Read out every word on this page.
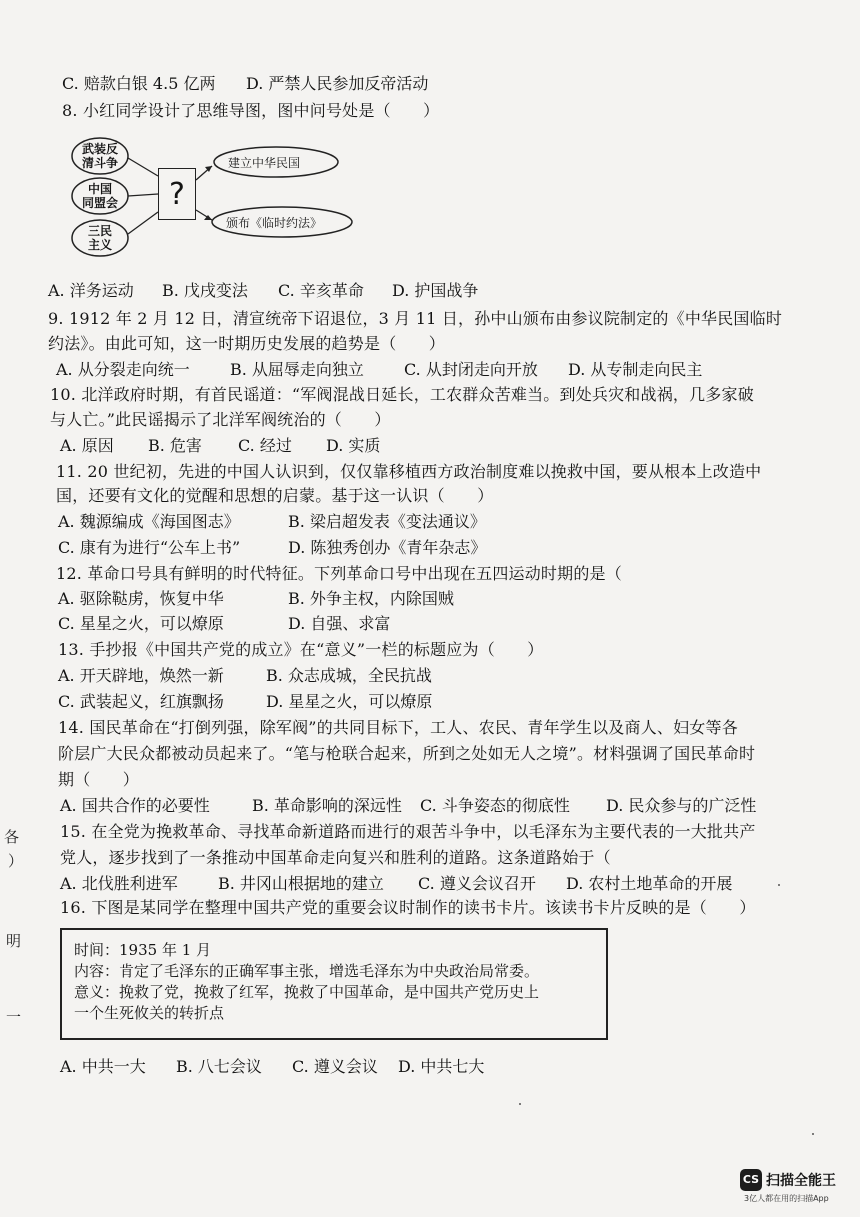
C. 赔款白银 4.5 亿两 D. 严禁人民参加反帝活动
8. 小红同学设计了思维导图，图中问号处是（　　）
武装反
清斗争
中国
同盟会
三民
主义
?
建立中华民国
颁布《临时约法》
A. 洋务运动 B. 戊戌变法 C. 辛亥革命 D. 护国战争
9. 1912 年 2 月 12 日，清宣统帝下诏退位，3 月 11 日，孙中山颁布由参议院制定的《中华民国临时
约法》。由此可知，这一时期历史发展的趋势是（　　）
A. 从分裂走向统一	B. 从屈辱走向独立	C. 从封闭走向开放 D. 从专制走向民主
10. 北洋政府时期，有首民谣道：“军阀混战日延长，工农群众苦难当。到处兵灾和战祸，几多家破
与人亡。”此民谣揭示了北洋军阀统治的（　　）
A. 原因 B. 危害 C. 经过 D. 实质
11. 20 世纪初，先进的中国人认识到，仅仅靠移植西方政治制度难以挽救中国，要从根本上改造中
国，还要有文化的觉醒和思想的启蒙。基于这一认识（　　）
A. 魏源编成《海国图志》	B. 梁启超发表《变法通议》
C. 康有为进行“公车上书”	D. 陈独秀创办《青年杂志》
12. 革命口号具有鲜明的时代特征。下列革命口号中出现在五四运动时期的是（
A. 驱除鞑虏，恢复中华	B. 外争主权，内除国贼
C. 星星之火，可以燎原	D. 自强、求富
13. 手抄报《中国共产党的成立》在“意义”一栏的标题应为（　　）
A. 开天辟地，焕然一新	B. 众志成城，全民抗战
C. 武装起义，红旗飘扬	D. 星星之火，可以燎原
14. 国民革命在“打倒列强，除军阀”的共同目标下，工人、农民、青年学生以及商人、妇女等各
阶层广大民众都被动员起来了。“笔与枪联合起来，所到之处如无人之境”。材料强调了国民革命时
期（　　）
A. 国共合作的必要性	B. 革命影响的深远性 C. 斗争姿态的彻底性 D. 民众参与的广泛性
15. 在全党为挽救革命、寻找革命新道路而进行的艰苦斗争中，以毛泽东为主要代表的一大批共产
党人，逐步找到了一条推动中国革命走向复兴和胜利的道路。这条道路始于（
A. 北伐胜利进军	B. 井冈山根据地的建立 C. 遵义会议召开 D. 农村土地革命的开展
16. 下图是某同学在整理中国共产党的重要会议时制作的读书卡片。该读书卡片反映的是（　　）
时间：1935 年 1 月
内容：肯定了毛泽东的正确军事主张，增选毛泽东为中央政治局常委。
意义：挽救了党，挽救了红军，挽救了中国革命，是中国共产党历史上
一个生死攸关的转折点
A. 中共一大 B. 八七会议 C. 遵义会议 D. 中共七大
各
）
明
一
CS 扫描全能王
3亿人都在用的扫描App
